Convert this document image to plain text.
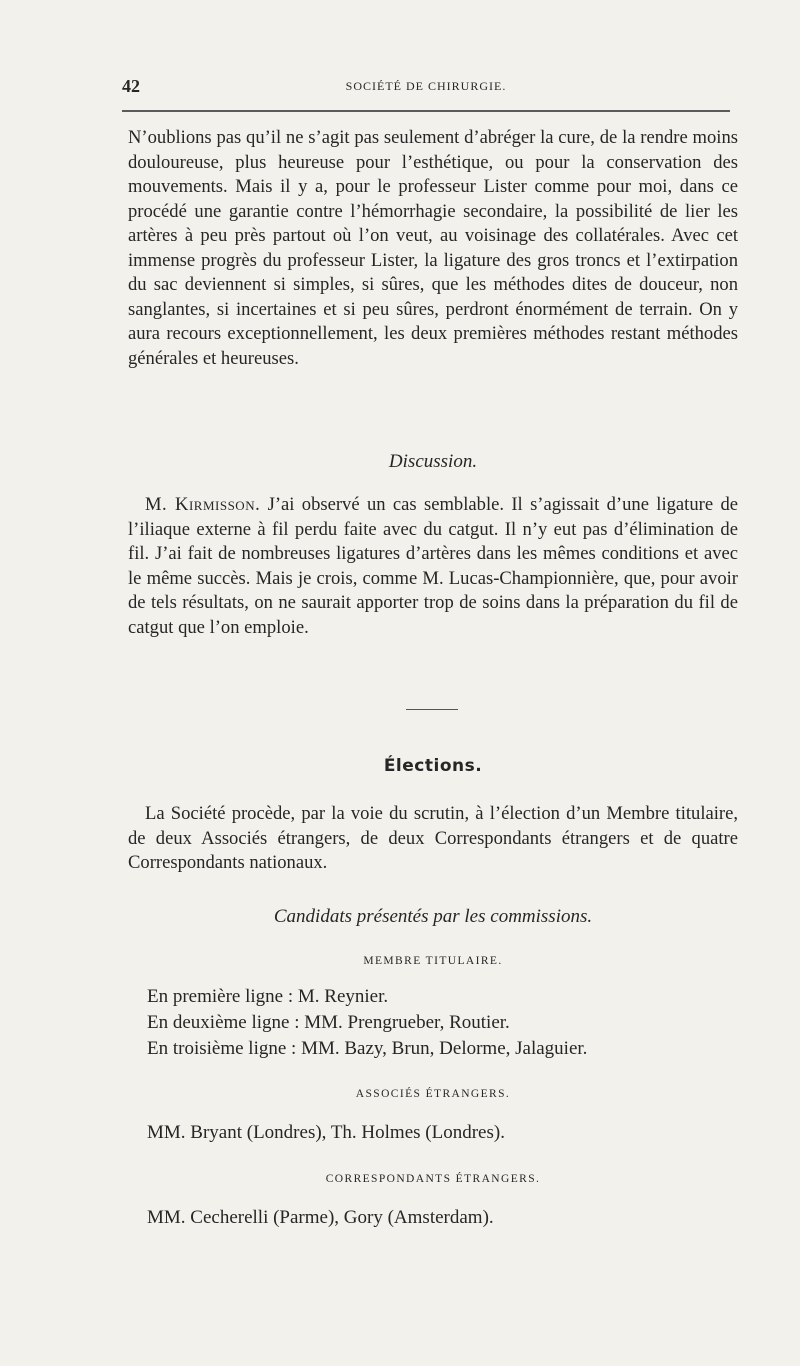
42	SOCIÉTÉ DE CHIRURGIE.
N’oublions pas qu’il ne s’agit pas seulement d’abréger la cure, de la rendre moins douloureuse, plus heureuse pour l’esthétique, ou pour la conservation des mouvements. Mais il y a, pour le professeur Lister comme pour moi, dans ce procédé une garantie contre l’hémorrhagie secondaire, la possibilité de lier les artères à peu près partout où l’on veut, au voisinage des collatérales. Avec cet immense progrès du professeur Lister, la ligature des gros troncs et l’extirpation du sac deviennent si simples, si sûres, que les méthodes dites de douceur, non sanglantes, si incertaines et si peu sûres, perdront énormément de terrain. On y aura recours exceptionnellement, les deux premières méthodes restant méthodes générales et heureuses.
Discussion.
M. Kirmisson. J’ai observé un cas semblable. Il s’agissait d’une ligature de l’iliaque externe à fil perdu faite avec du catgut. Il n’y eut pas d’élimination de fil. J’ai fait de nombreuses ligatures d’artères dans les mêmes conditions et avec le même succès. Mais je crois, comme M. Lucas-Championnière, que, pour avoir de tels résultats, on ne saurait apporter trop de soins dans la préparation du fil de catgut que l’on emploie.
Élections.
La Société procède, par la voie du scrutin, à l’élection d’un Membre titulaire, de deux Associés étrangers, de deux Correspondants étrangers et de quatre Correspondants nationaux.
Candidats présentés par les commissions.
MEMBRE TITULAIRE.
En première ligne : M. Reynier.
En deuxième ligne : MM. Prengrueber, Routier.
En troisième ligne : MM. Bazy, Brun, Delorme, Jalaguier.
ASSOCIÉS ÉTRANGERS.
MM. Bryant (Londres), Th. Holmes (Londres).
CORRESPONDANTS ÉTRANGERS.
MM. Cecherelli (Parme), Gory (Amsterdam).
